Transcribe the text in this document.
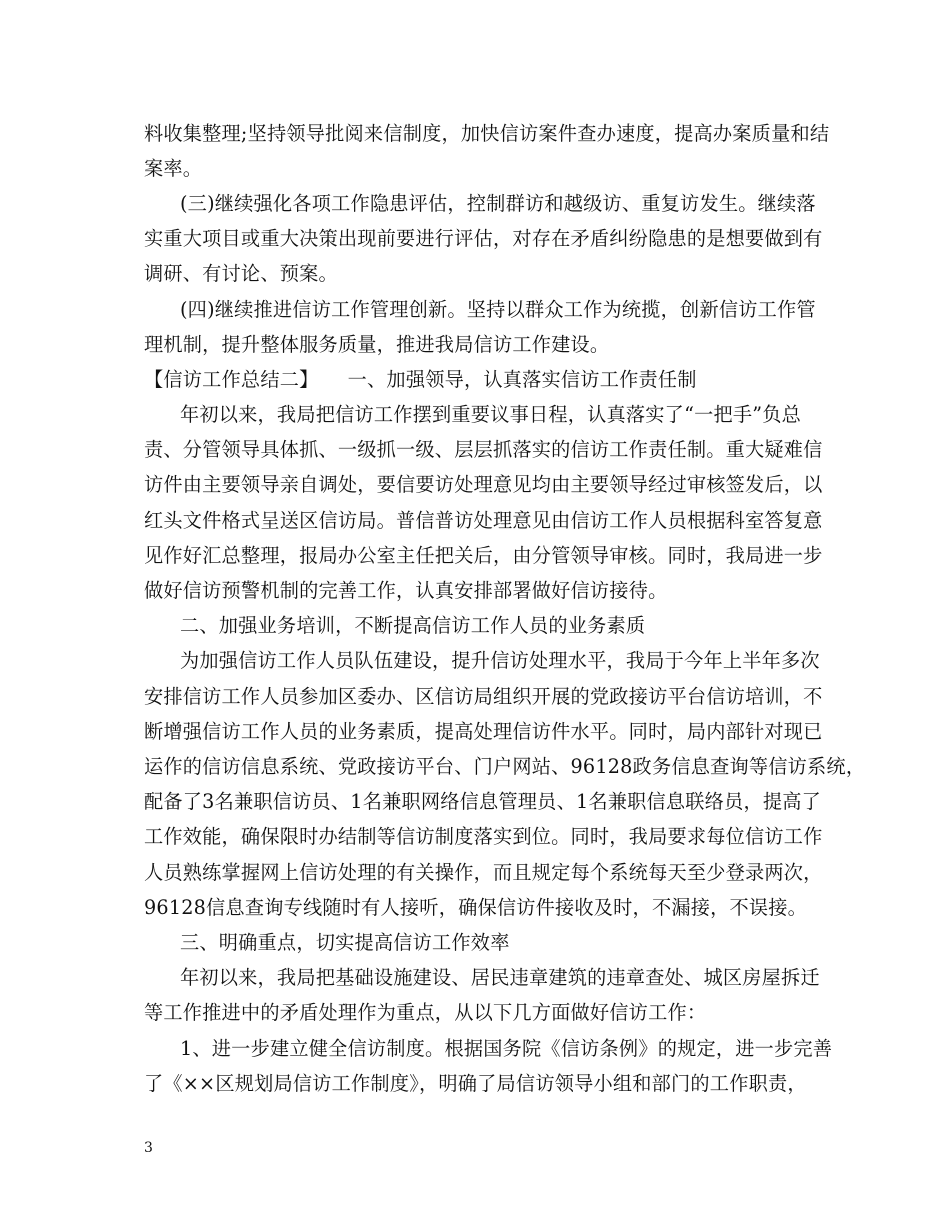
料收集整理;坚持领导批阅来信制度，加快信访案件查办速度，提高办案质量和结
案率。
(三)继续强化各项工作隐患评估，控制群访和越级访、重复访发生。继续落
实重大项目或重大决策出现前要进行评估，对存在矛盾纠纷隐患的是想要做到有
调研、有讨论、预案。
(四)继续推进信访工作管理创新。坚持以群众工作为统揽，创新信访工作管
理机制，提升整体服务质量，推进我局信访工作建设。
【信访工作总结二】　　一、加强领导，认真落实信访工作责任制
年初以来，我局把信访工作摆到重要议事日程，认真落实了“一把手”负总
责、分管领导具体抓、一级抓一级、层层抓落实的信访工作责任制。重大疑难信
访件由主要领导亲自调处，要信要访处理意见均由主要领导经过审核签发后，以
红头文件格式呈送区信访局。普信普访处理意见由信访工作人员根据科室答复意
见作好汇总整理，报局办公室主任把关后，由分管领导审核。同时，我局进一步
做好信访预警机制的完善工作，认真安排部署做好信访接待。
二、加强业务培训，不断提高信访工作人员的业务素质
为加强信访工作人员队伍建设，提升信访处理水平，我局于今年上半年多次
安排信访工作人员参加区委办、区信访局组织开展的党政接访平台信访培训，不
断增强信访工作人员的业务素质，提高处理信访件水平。同时，局内部针对现已
运作的信访信息系统、党政接访平台、门户网站、96128政务信息查询等信访系统，
配备了3名兼职信访员、1名兼职网络信息管理员、1名兼职信息联络员，提高了
工作效能，确保限时办结制等信访制度落实到位。同时，我局要求每位信访工作
人员熟练掌握网上信访处理的有关操作，而且规定每个系统每天至少登录两次，
96128信息查询专线随时有人接听，确保信访件接收及时，不漏接，不误接。
三、明确重点，切实提高信访工作效率
年初以来，我局把基础设施建设、居民违章建筑的违章查处、城区房屋拆迁
等工作推进中的矛盾处理作为重点，从以下几方面做好信访工作：
1、进一步建立健全信访制度。根据国务院《信访条例》的规定，进一步完善
了《××区规划局信访工作制度》，明确了局信访领导小组和部门的工作职责，
3
